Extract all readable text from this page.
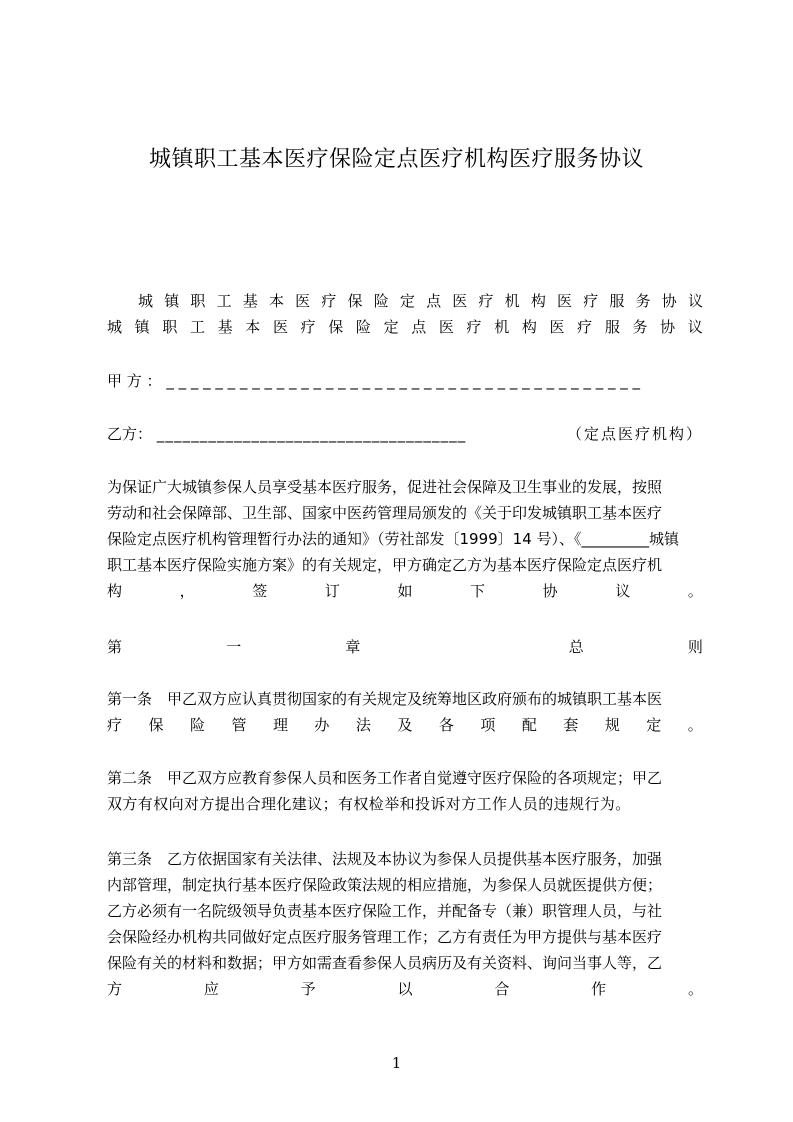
城镇职工基本医疗保险定点医疗机构医疗服务协议
城 镇 职 工 基 本 医 疗 保 险 定 点 医 疗 机 构 医 疗 服 务 协 议
城 镇 职 工 基 本 医 疗 保 险 定 点 医 疗 机 构 医 疗 服 务 协 议
甲 方 ： _ _ _ _ _ _ _ _ _ _ _ _ _ _ _ _ _ _ _ _ _ _ _ _ _ _ _ _ _ _ _ _ _ _ _ _ _ _ _
乙方： ____________________________________	（定点医疗机构）
为保证广大城镇参保人员享受基本医疗服务，促进社会保障及卫生事业的发展，按照
劳动和社会保障部、卫生部、国家中医药管理局颁发的《关于印发城镇职工基本医疗
保险定点医疗机构管理暂行办法的通知》（劳社部发〔1999〕14 号）、《_________城镇
职工基本医疗保险实施方案》的有关规定，甲方确定乙方为基本医疗保险定点医疗机
构	，	签	订	如	下	协	议	。
第	一	章	总	则
第一条　甲乙双方应认真贯彻国家的有关规定及统筹地区政府颁布的城镇职工基本医
疗 保 险 管 理 办 法 及 各 项 配 套 规 定 。
第二条　甲乙双方应教育参保人员和医务工作者自觉遵守医疗保险的各项规定；甲乙
双方有权向对方提出合理化建议；有权检举和投诉对方工作人员的违规行为。
第三条　乙方依据国家有关法律、法规及本协议为参保人员提供基本医疗服务，加强
内部管理，制定执行基本医疗保险政策法规的相应措施，为参保人员就医提供方便；
乙方必须有一名院级领导负责基本医疗保险工作，并配备专（兼）职管理人员，与社
会保险经办机构共同做好定点医疗服务管理工作；乙方有责任为甲方提供与基本医疗
保险有关的材料和数据；甲方如需查看参保人员病历及有关资料、询问当事人等，乙
方	应	予	以	合	作	。
1
